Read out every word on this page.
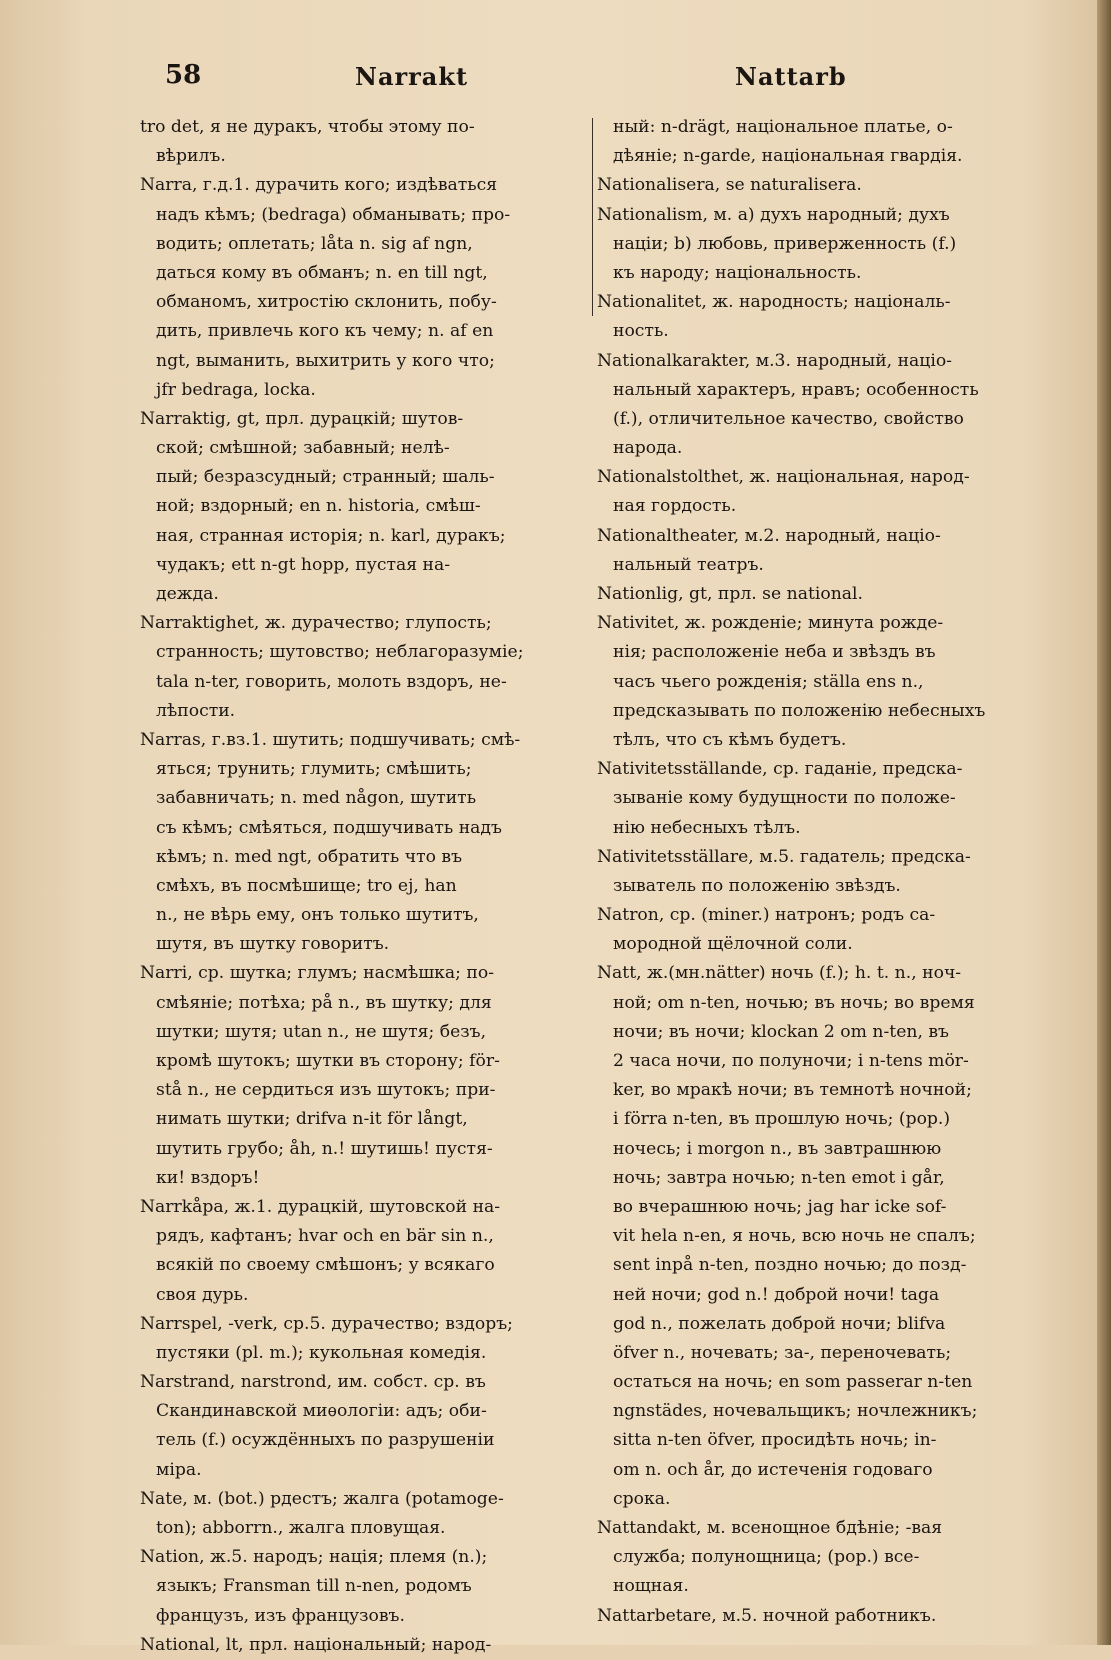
58	Narrakt	Nattarb
tro det, я не дуракъ, чтобы этому по-
вѣрилъ.
Narra, г.д.1. дурачить кого; издѣваться
надъ кѣмъ; (bedraga) обманывать; про-
водить; оплетать; låta n. sig af ngn,
даться кому въ обманъ; n. en till ngt,
обманомъ, хитростію склонить, побу-
дить, привлечь кого къ чему; n. af en
ngt, выманить, выхитрить у кого что;
jfr bedraga, locka.
Narraktig, gt, прл. дурацкій; шутов-
ской; смѣшной; забавный; нелѣ-
пый; безразсудный; странный; шаль-
ной; вздорный; en n. historia, смѣш-
ная, странная исторія; n. karl, дуракъ;
чудакъ; ett n-gt hopp, пустая на-
дежда.
Narraktighet, ж. дурачество; глупость;
странность; шутовство; неблагоразуміе;
tala n-ter, говорить, молоть вздоръ, не-
лѣпости.
Narras, г.вз.1. шутить; подшучивать; смѣ-
яться; трунить; глумить; смѣшить;
забавничать; n. med någon, шутить
съ кѣмъ; смѣяться, подшучивать надъ
кѣмъ; n. med ngt, обратить что въ
смѣхъ, въ посмѣшище; tro ej, han
n., не вѣрь ему, онъ только шутитъ,
шутя, въ шутку говоритъ.
Narri, ср. шутка; глумъ; насмѣшка; по-
смѣяніе; потѣха; på n., въ шутку; для
шутки; шутя; utan n., не шутя; безъ,
кромѣ шутокъ; шутки въ сторону; för-
stå n., не сердиться изъ шутокъ; при-
нимать шутки; drifva n-it för långt,
шутить грубо; åh, n.! шутишь! пустя-
ки! вздоръ!
Narrkåpa, ж.1. дурацкій, шутовской на-
рядъ, кафтанъ; hvar och en bär sin n.,
всякій по своему смѣшонъ; у всякаго
своя дурь.
Narrspel, -verk, ср.5. дурачество; вздоръ;
пустяки (pl. m.); кукольная комедія.
Narstrand, narstrond, им. собст. ср. въ
Скандинавской миѳологіи: адъ; оби-
тель (f.) осуждённыхъ по разрушеніи
міра.
Nate, м. (bot.) рдестъ; жалга (potamoge-
ton); abborrn., жалга пловущая.
Nation, ж.5. народъ; нація; племя (n.);
языкъ; Fransman till n-nen, родомъ
французъ, изъ французовъ.
National, lt, прл. національный; народ-
ный: n-drägt, національное платье, о-
дѣяніе; n-garde, національная гвардія.
Nationalisera, se naturalisera.
Nationalism, м. a) духъ народный; духъ
націи; b) любовь, приверженность (f.)
къ народу; національность.
Nationalitet, ж. народность; національ-
ность.
Nationalkarakter, м.3. народный, націо-
нальный характеръ, нравъ; особенность
(f.), отличительное качество, свойство
народа.
Nationalstolthet, ж. національная, народ-
ная гордость.
Nationaltheater, м.2. народный, націо-
нальный театръ.
Nationlig, gt, прл. se national.
Nativitet, ж. рожденіе; минута рожде-
нія; расположеніе неба и звѣздъ въ
часъ чьего рожденія; ställa ens n.,
предсказывать по положенію небесныхъ
тѣлъ, что съ кѣмъ будетъ.
Nativitetsställande, ср. гаданіе, предска-
зываніе кому будущности по положе-
нію небесныхъ тѣлъ.
Nativitetsställare, м.5. гадатель; предска-
зыватель по положенію звѣздъ.
Natron, ср. (miner.) натронъ; родъ са-
мородной щёлочной соли.
Natt, ж.(мн.nätter) ночь (f.); h. t. n., ноч-
ной; om n-ten, ночью; въ ночь; во время
ночи; въ ночи; klockan 2 om n-ten, въ
2 часа ночи, по полуночи; i n-tens mör-
ker, во мракѣ ночи; въ темнотѣ ночной;
i förra n-ten, въ прошлую ночь; (рор.)
ночесь; i morgon n., въ завтрашнюю
ночь; завтра ночью; n-ten emot i går,
во вчерашнюю ночь; jag har icke sof-
vit hela n-en, я ночь, всю ночь не спалъ;
sent inpå n-ten, поздно ночью; до позд-
ней ночи; god n.! доброй ночи! taga
god n., пожелать доброй ночи; blifva
öfver n., ночевать; за-, переночевать;
остаться на ночь; en som passerar n-ten
ngnstädes, ночевальщикъ; ночлежникъ;
sitta n-ten öfver, просидѣть ночь; in-
om n. och år, до истеченія годоваго
срока.
Nattandakt, м. всенощное бдѣніе; -вая
служба; полунощница; (рор.) все-
нощная.
Nattarbetare, м.5. ночной работникъ.
